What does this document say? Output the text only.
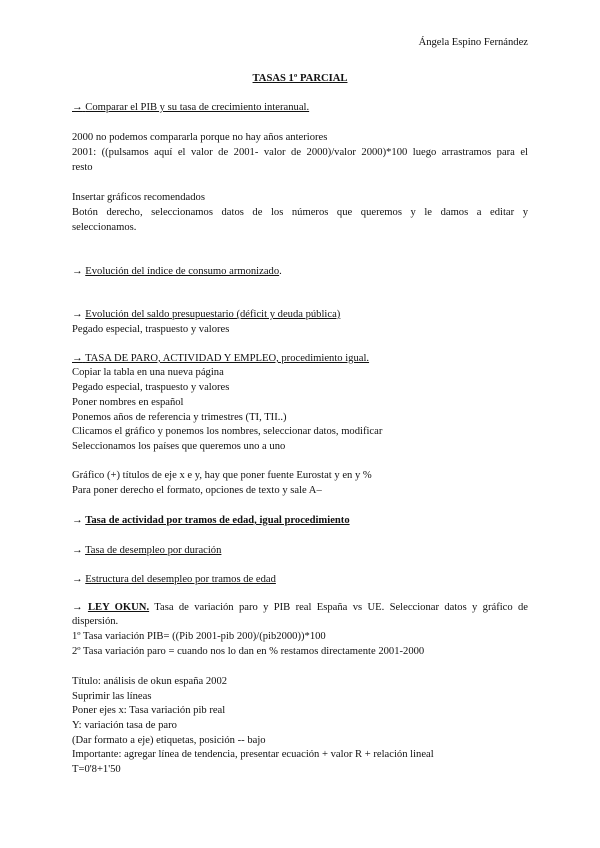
Ángela Espino Fernández
TASAS 1º PARCIAL
→ Comparar el PIB y su tasa de crecimiento interanual.
2000 no podemos compararla porque no hay años anteriores
2001: ((pulsamos aquí el valor de 2001- valor de 2000)/valor 2000)*100 luego arrastramos para el
resto
Insertar gráficos recomendados
Botón derecho, seleccionamos datos de los números que queremos y le damos a editar y
seleccionamos.
→ Evolución del índice de consumo armonizado.
→ Evolución del saldo presupuestario (déficit y deuda pública)
Pegado especial, traspuesto y valores
→ TASA DE PARO, ACTIVIDAD Y EMPLEO, procedimiento igual.
Copiar la tabla en una nueva página
Pegado especial, traspuesto y valores
Poner nombres en español
Ponemos años de referencia y trimestres (TI, TII..)
Clicamos el gráfico y ponemos los nombres, seleccionar datos, modificar
Seleccionamos los países que queremos uno a uno
Gráfico (+) títulos de eje x e y, hay que poner fuente Eurostat y en y %
Para poner derecho el formato, opciones de texto y sale A–
→ Tasa de actividad por tramos de edad, igual procedimiento
→ Tasa de desempleo por duración
→ Estructura del desempleo por tramos de edad
→ LEY OKUN. Tasa de variación paro y PIB real España vs UE. Seleccionar datos y gráfico de
dispersión.
1º Tasa variación PIB= ((Pib 2001-pib 200)/(pib2000))*100
2º Tasa variación paro = cuando nos lo dan en % restamos directamente 2001-2000
Título: análisis de okun españa 2002
Suprimir las líneas
Poner ejes x: Tasa variación pib real
Y: variación tasa de paro
(Dar formato a eje) etiquetas, posición -- bajo
Importante: agregar línea de tendencia, presentar ecuación + valor R + relación lineal
T=0'8+1'50
